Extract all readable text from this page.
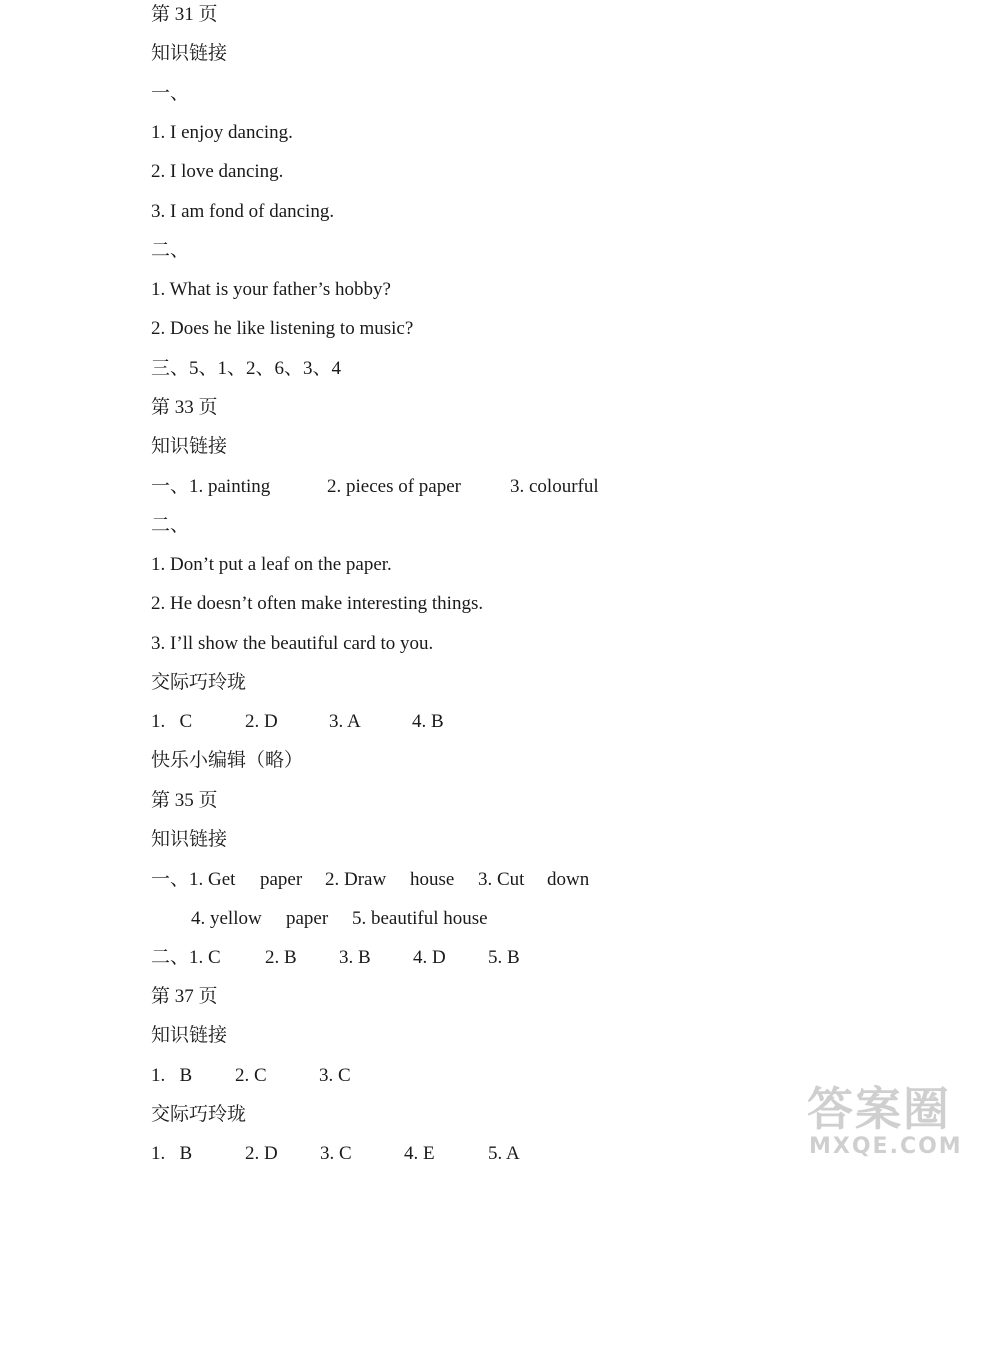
第 31 页
知识链接
一、
1. I enjoy dancing.
2. I love dancing.
3. I am fond of dancing.
二、
1. What is your father’s hobby?
2. Does he like listening to music?
三、5、1、2、6、3、4
第 33 页
知识链接

一、1. painting

	2. pieces of paper

	3. colourful

二、
1. Don’t put a leaf on the paper.
2. He doesn’t often make interesting things.
3. I’ll show the beautiful card to you.
交际巧玲珑

1.   C

	2. D

	3. A

	4. B

快乐小编辑（略）
第 35 页
知识链接

一、1. Get

paper

2. Draw

house

3. Cut

down

4. yellow

paper

5. beautiful house

二、1. C

2. B

3. B

4. D

5. B

第 37 页
知识链接

1.   B

2. C

	3. C

交际巧玲珑

1.   B

	2. D

3. C

	4. E

	5. A

答案圈
MXQE.COM
